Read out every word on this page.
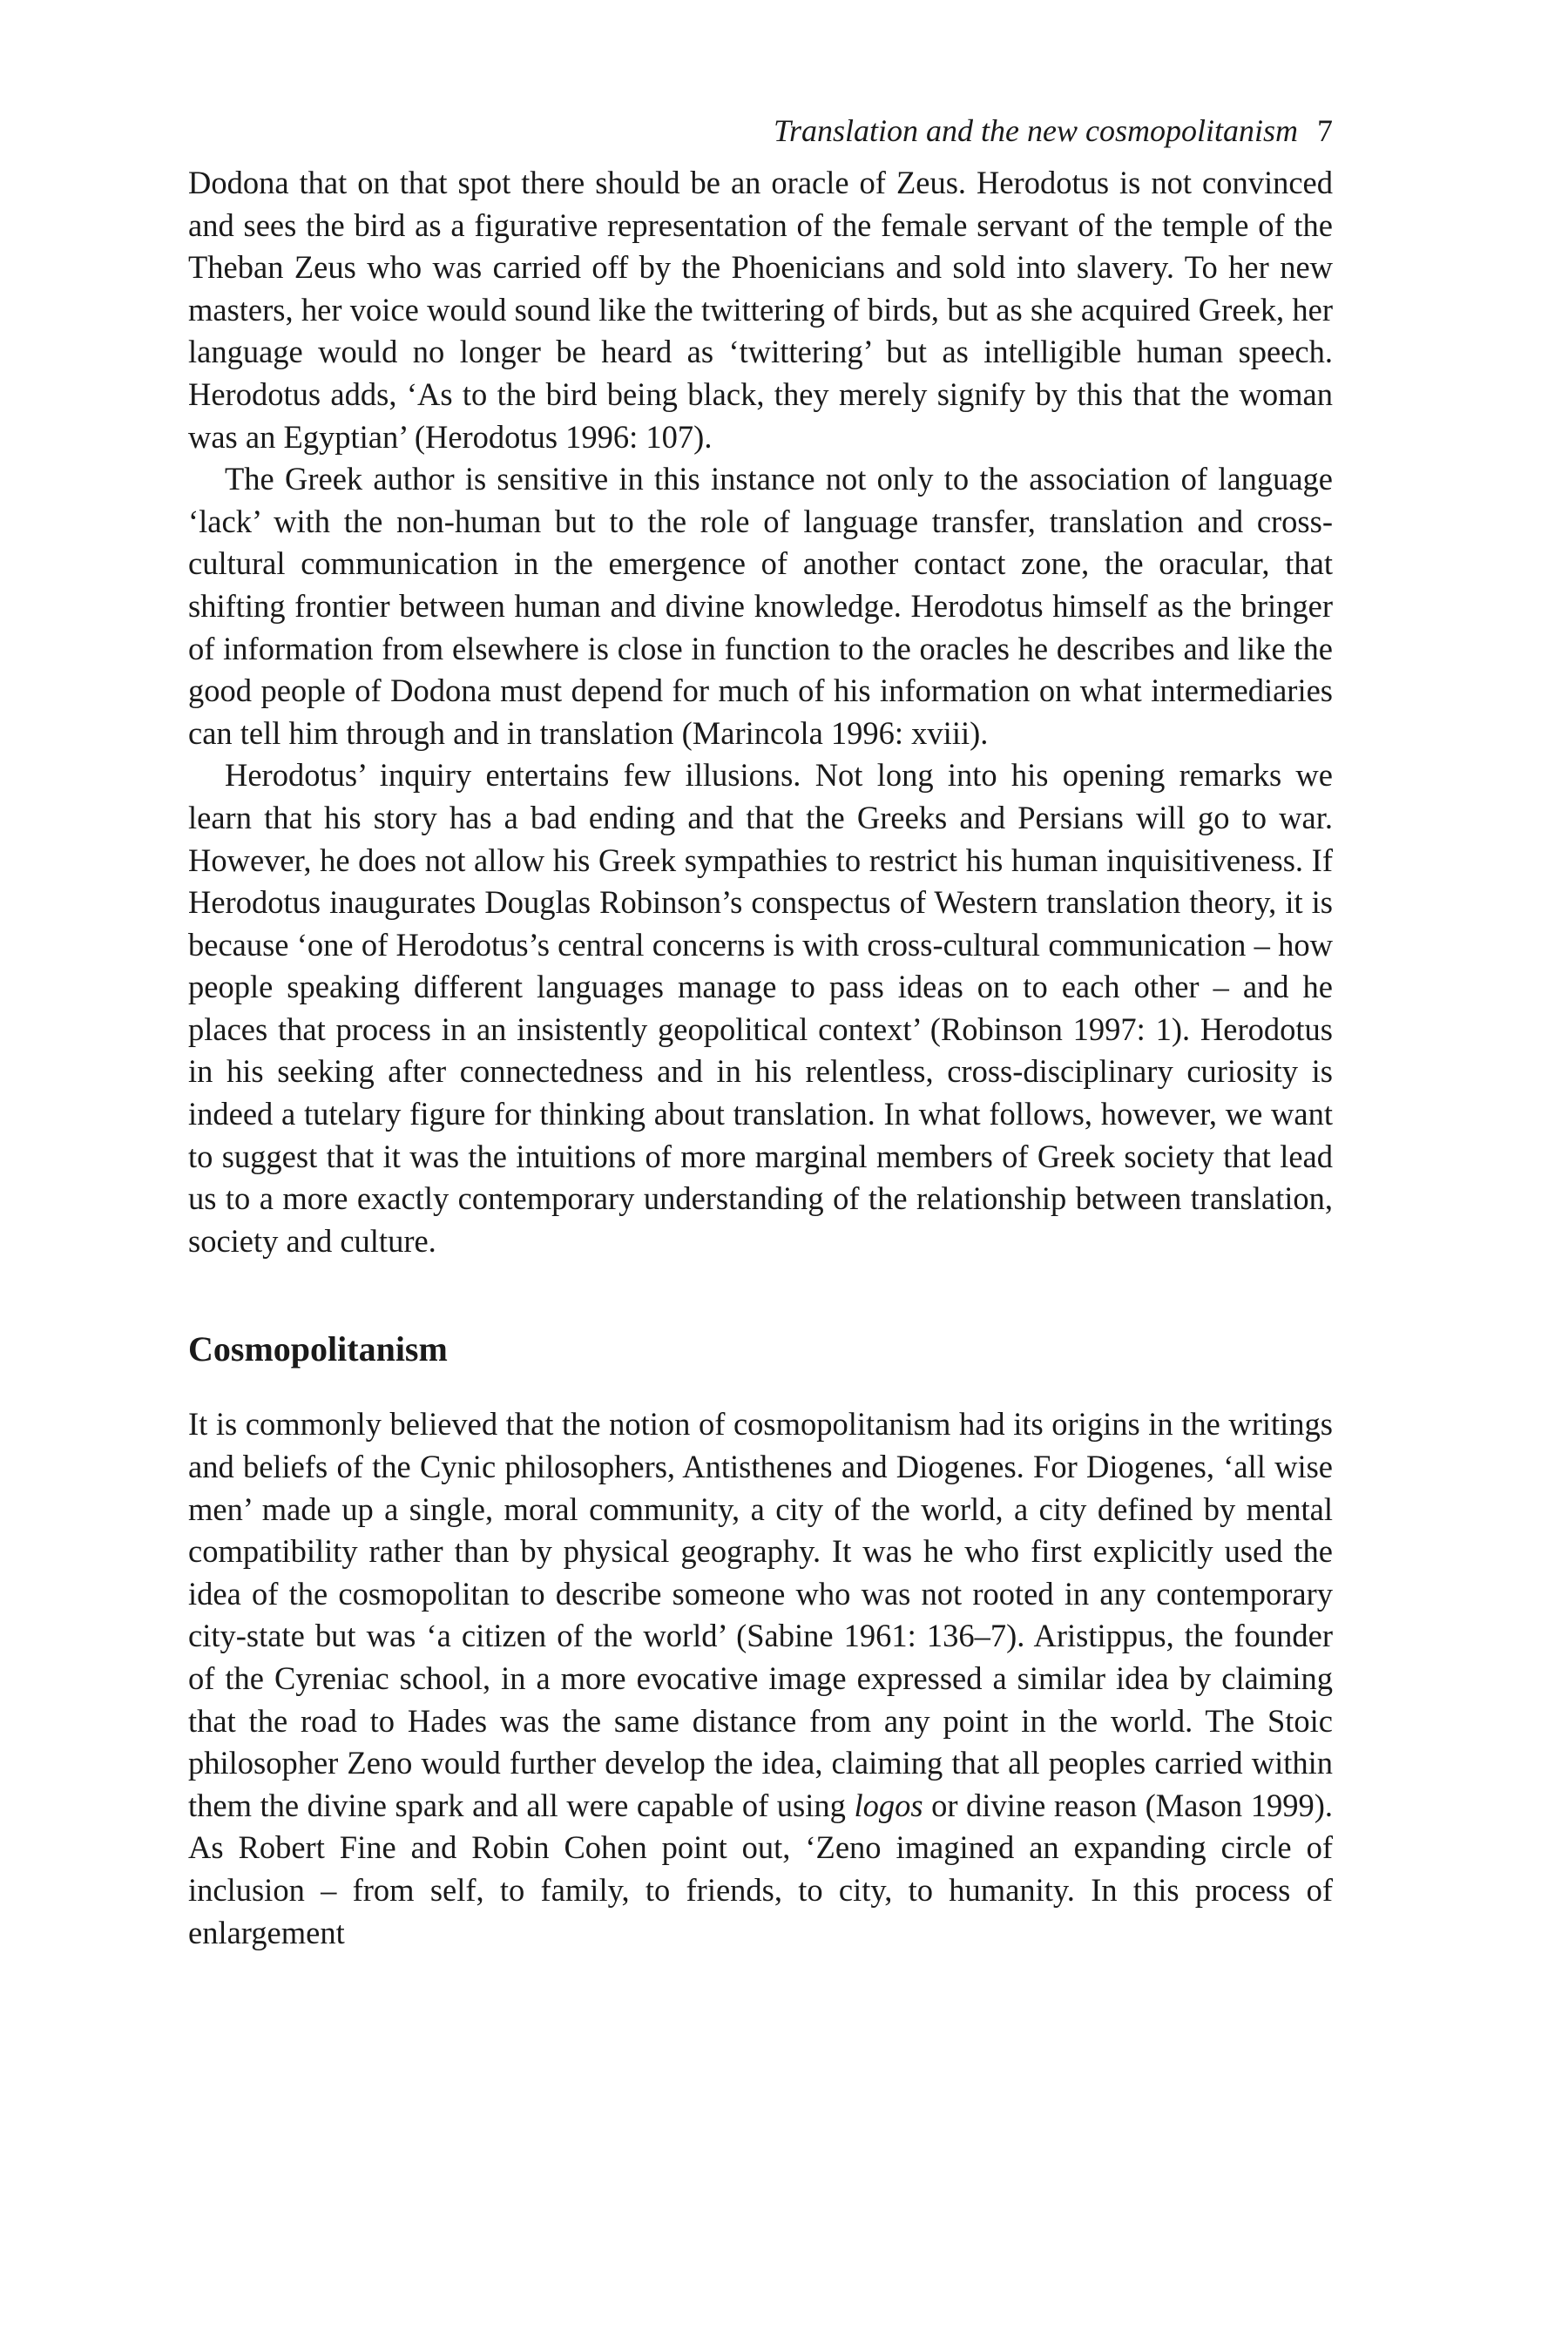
Translation and the new cosmopolitanism 7

Dodona that on that spot there should be an oracle of Zeus. Herodotus is not convinced and sees the bird as a figurative representation of the female servant of the temple of the Theban Zeus who was carried off by the Phoenicians and sold into slavery. To her new masters, her voice would sound like the twittering of birds, but as she acquired Greek, her language would no longer be heard as ‘twittering’ but as intelligible human speech. Herodotus adds, ‘As to the bird being black, they merely signify by this that the woman was an Egyptian’ (Herodotus 1996: 107).

The Greek author is sensitive in this instance not only to the association of language ‘lack’ with the non-human but to the role of language transfer, translation and cross-cultural communication in the emergence of another contact zone, the oracular, that shifting frontier between human and divine knowledge. Herodotus himself as the bringer of information from elsewhere is close in function to the oracles he describes and like the good people of Dodona must depend for much of his information on what intermediaries can tell him through and in translation (Marincola 1996: xviii).

Herodotus’ inquiry entertains few illusions. Not long into his opening remarks we learn that his story has a bad ending and that the Greeks and Persians will go to war. However, he does not allow his Greek sympathies to restrict his human inquisitiveness. If Herodotus inaugurates Douglas Robinson’s conspectus of Western translation theory, it is because ‘one of Herodotus’s central concerns is with cross-cultural communication – how people speaking different languages manage to pass ideas on to each other – and he places that process in an insistently geopolitical context’ (Robinson 1997: 1). Herodotus in his seeking after connectedness and in his relentless, cross-disciplinary curiosity is indeed a tutelary figure for thinking about translation. In what follows, however, we want to suggest that it was the intuitions of more marginal members of Greek society that lead us to a more exactly contemporary understanding of the relationship between translation, society and culture.

Cosmopolitanism

It is commonly believed that the notion of cosmopolitanism had its origins in the writings and beliefs of the Cynic philosophers, Antisthenes and Diogenes. For Diogenes, ‘all wise men’ made up a single, moral community, a city of the world, a city defined by mental compatibility rather than by physical geography. It was he who first explicitly used the idea of the cosmopolitan to describe someone who was not rooted in any contemporary city-state but was ‘a citizen of the world’ (Sabine 1961: 136–7). Aristippus, the founder of the Cyreniac school, in a more evocative image expressed a similar idea by claiming that the road to Hades was the same distance from any point in the world. The Stoic philosopher Zeno would further develop the idea, claiming that all peoples carried within them the divine spark and all were capable of using logos or divine reason (Mason 1999). As Robert Fine and Robin Cohen point out, ‘Zeno imagined an expanding circle of inclusion – from self, to family, to friends, to city, to humanity. In this process of enlargement
